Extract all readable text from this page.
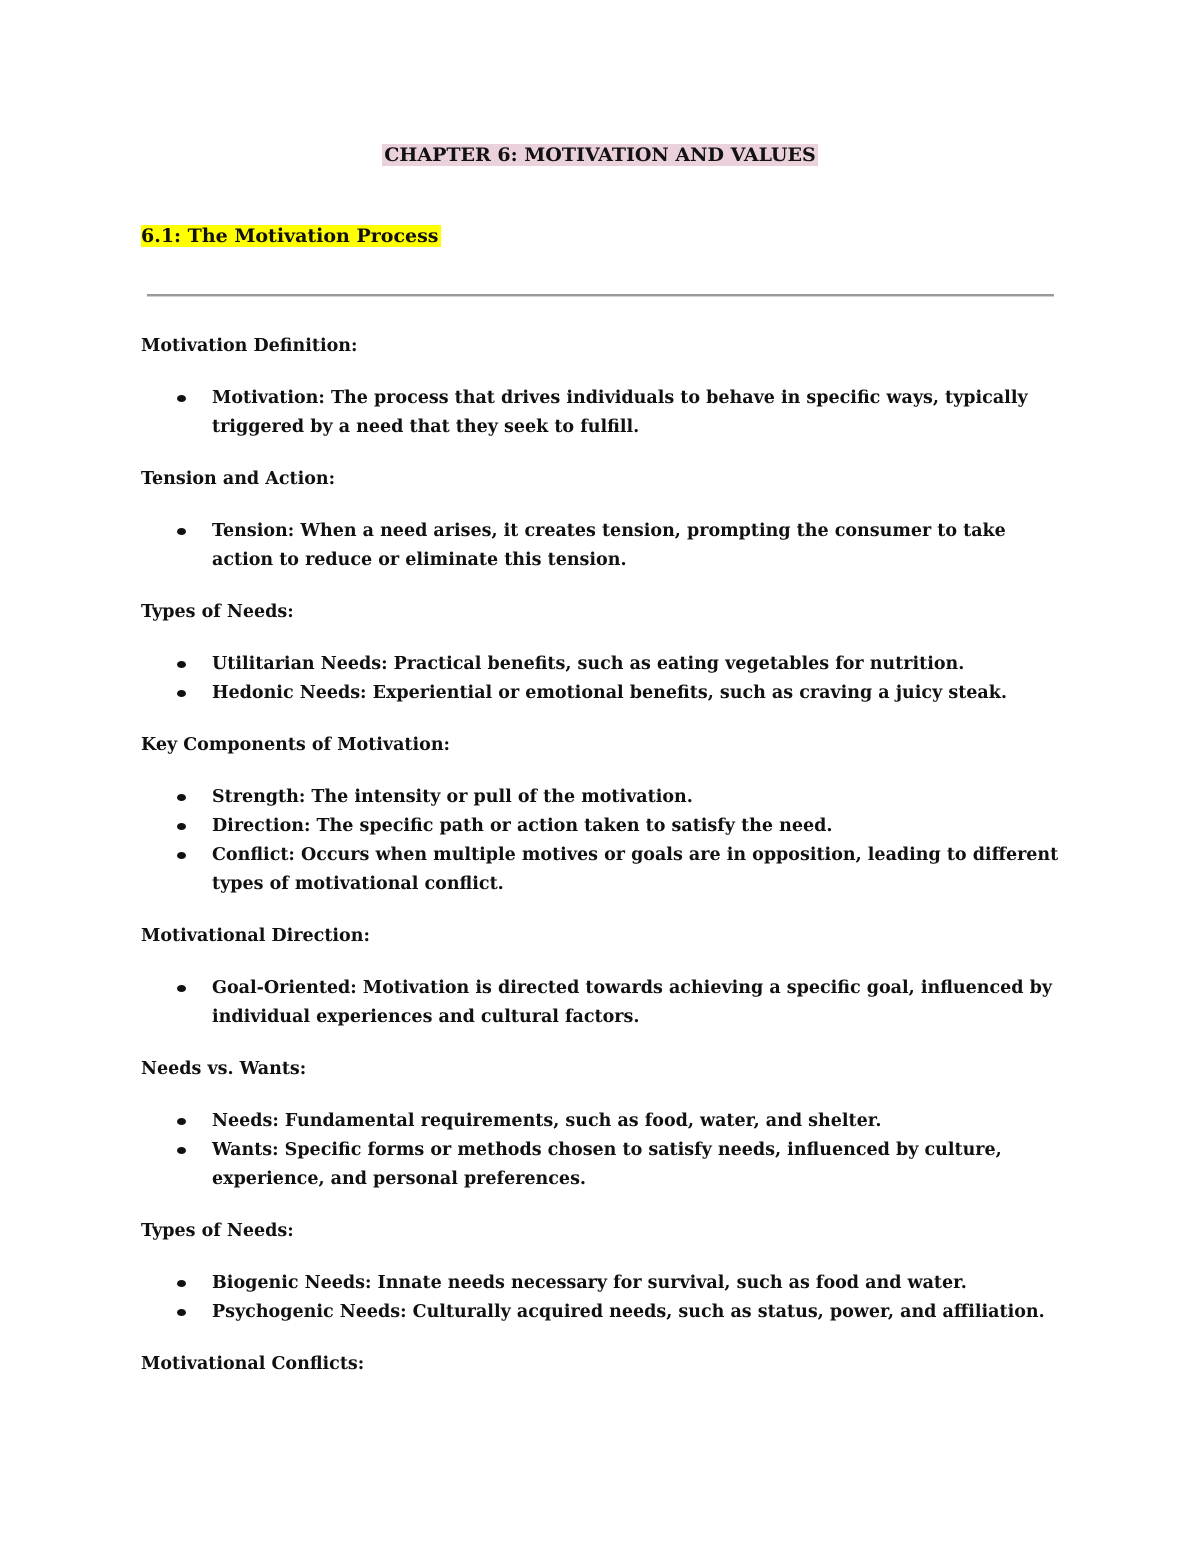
CHAPTER 6: MOTIVATION AND VALUES
6.1: The Motivation Process
Motivation Definition:
Motivation: The process that drives individuals to behave in specific ways, typically triggered by a need that they seek to fulfill.
Tension and Action:
Tension: When a need arises, it creates tension, prompting the consumer to take action to reduce or eliminate this tension.
Types of Needs:
Utilitarian Needs: Practical benefits, such as eating vegetables for nutrition.
Hedonic Needs: Experiential or emotional benefits, such as craving a juicy steak.
Key Components of Motivation:
Strength: The intensity or pull of the motivation.
Direction: The specific path or action taken to satisfy the need.
Conflict: Occurs when multiple motives or goals are in opposition, leading to different types of motivational conflict.
Motivational Direction:
Goal-Oriented: Motivation is directed towards achieving a specific goal, influenced by individual experiences and cultural factors.
Needs vs. Wants:
Needs: Fundamental requirements, such as food, water, and shelter.
Wants: Specific forms or methods chosen to satisfy needs, influenced by culture, experience, and personal preferences.
Types of Needs:
Biogenic Needs: Innate needs necessary for survival, such as food and water.
Psychogenic Needs: Culturally acquired needs, such as status, power, and affiliation.
Motivational Conflicts:
